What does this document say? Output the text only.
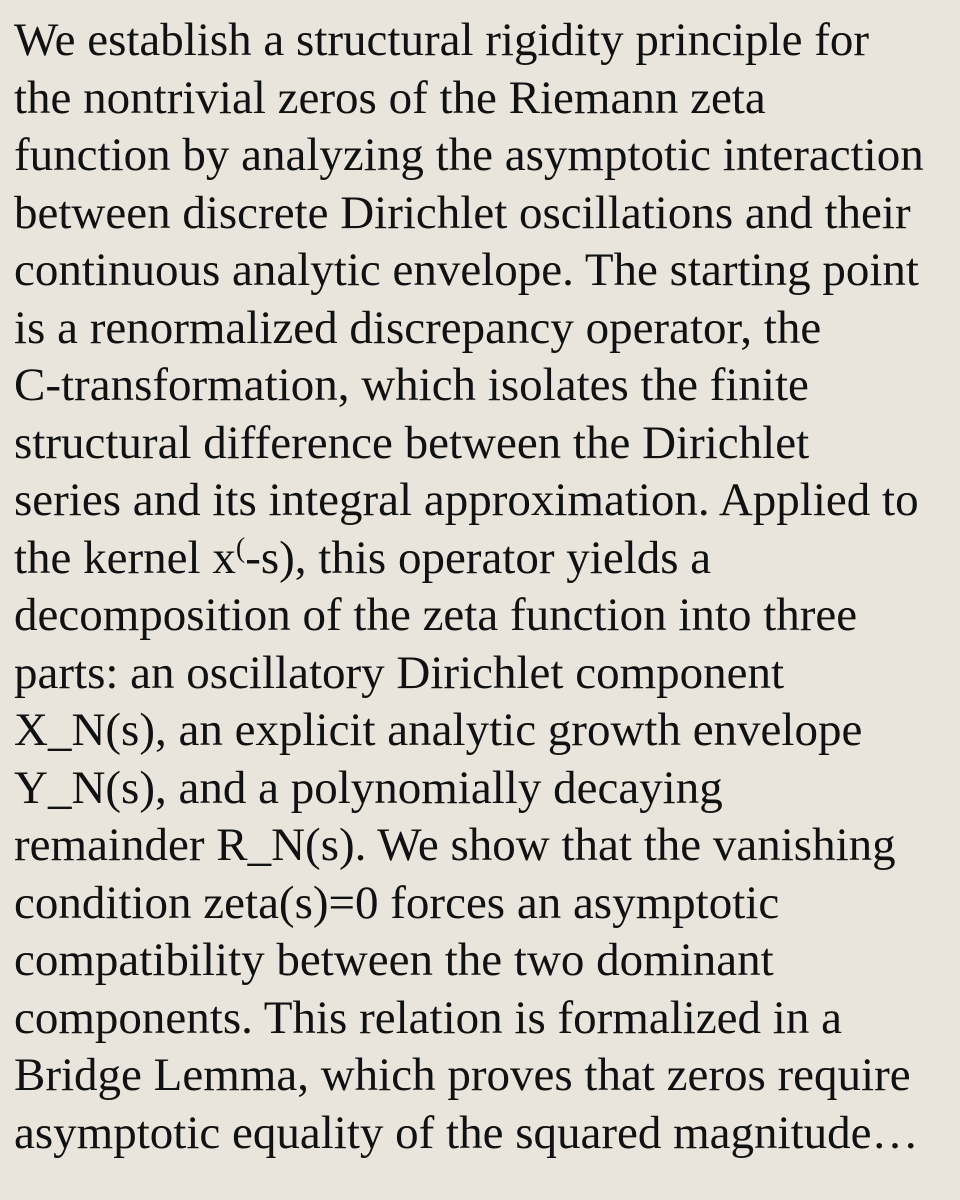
We establish a structural rigidity principle for
the nontrivial zeros of the Riemann zeta
function by analyzing the asymptotic interaction
between discrete Dirichlet oscillations and their
continuous analytic envelope. The starting point
is a renormalized discrepancy operator, the
C-transformation, which isolates the finite
structural difference between the Dirichlet
series and its integral approximation. Applied to
the kernel x(-s), this operator yields a
decomposition of the zeta function into three
parts: an oscillatory Dirichlet component
X_N(s), an explicit analytic growth envelope
Y_N(s), and a polynomially decaying
remainder R_N(s). We show that the vanishing
condition zeta(s)=0 forces an asymptotic
compatibility between the two dominant
components. This relation is formalized in a
Bridge Lemma, which proves that zeros require
asymptotic equality of the squared magnitude…
